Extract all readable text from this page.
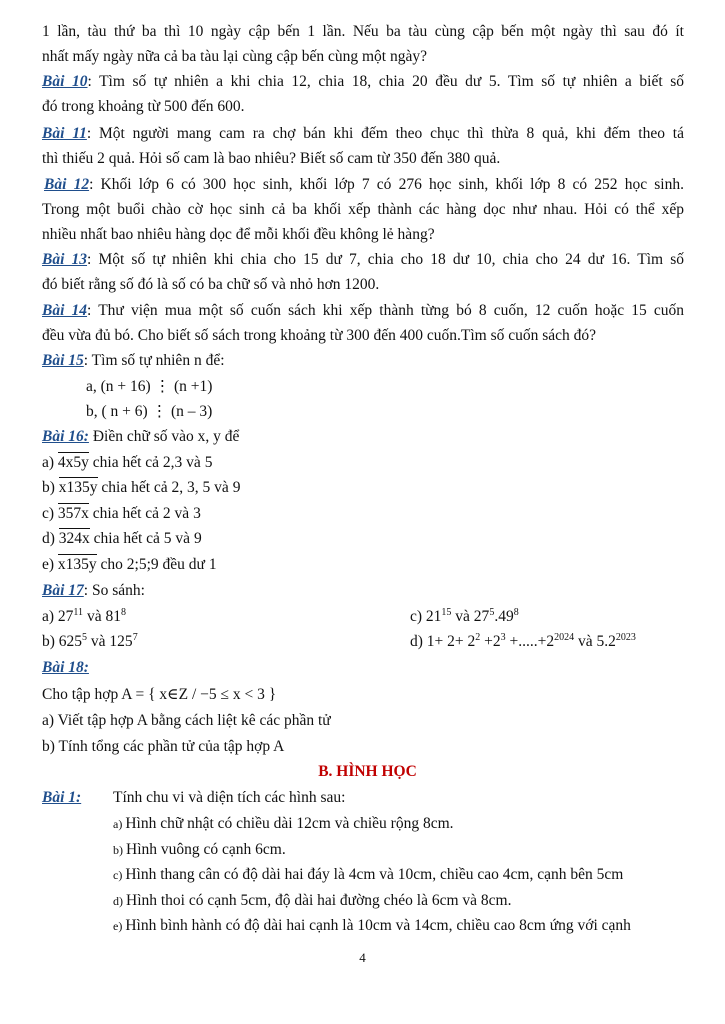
1 lần, tàu thứ ba thì 10 ngày cập bến 1 lần. Nếu ba tàu cùng cập bến một ngày thì sau đó ít
nhất mấy ngày nữa cả ba tàu lại cùng cập bến cùng một ngày?
Bài 10: Tìm số tự nhiên a khi chia 12, chia 18, chia 20 đều dư 5. Tìm số tự nhiên a biết số
đó trong khoảng từ 500 đến 600.
Bài 11: Một người mang cam ra chợ bán khi đếm theo chục thì thừa 8 quả, khi đếm theo tá
thì thiếu 2 quả. Hỏi số cam là bao nhiêu? Biết số cam từ 350 đến 380 quả.
Bài 12: Khối lớp 6 có 300 học sinh, khối lớp 7 có 276 học sinh, khối lớp 8 có 252 học sinh.
Trong một buổi chào cờ học sinh cả ba khối xếp thành các hàng dọc như nhau. Hỏi có thể xếp
nhiều nhất bao nhiêu hàng dọc để mỗi khối đều không lẻ hàng?
Bài 13: Một số tự nhiên khi chia cho 15 dư 7, chia cho 18 dư 10, chia cho 24 dư 16. Tìm số
đó biết rằng số đó là số có ba chữ số và nhỏ hơn 1200.
Bài 14: Thư viện mua một số cuốn sách khi xếp thành từng bó 8 cuốn, 12 cuốn hoặc 15 cuốn
đều vừa đủ bó. Cho biết số sách trong khoảng từ 300 đến 400 cuốn.Tìm số cuốn sách đó?
Bài 15: Tìm số tự nhiên n để:
a, (n + 16) ⋮ (n +1)
b, ( n + 6) ⋮ (n – 3)
Bài 16: Điền chữ số vào x, y để
a) 4x5y chia hết cả 2,3 và 5
b) x135y chia hết cả 2, 3, 5 và 9
c) 357x chia hết cả 2 và 3
d) 324x chia hết cả 5 và 9
e) x135y cho 2;5;9 đều dư 1
Bài 17: So sánh:
a) $27^{11}$ và $81^8$	c) $21^{15}$ và $27^5.49^8$
b) $625^5$ và $125^7$	d) $1+ 2+ 2^2 +2^3 +.....+2^{2024}$ và $5.2^{2023}$
Bài 18:
Cho tập hợp A = { x∈Z / −5 ≤ x < 3 }
a) Viết tập hợp A bằng cách liệt kê các phần tử
b) Tính tổng các phần tử của tập hợp A
B. HÌNH HỌC
Bài 1: Tính chu vi và diện tích các hình sau:
a) Hình chữ nhật có chiều dài 12cm và chiều rộng 8cm.
b) Hình vuông có cạnh 6cm.
c) Hình thang cân có độ dài hai đáy là 4cm và 10cm, chiều cao 4cm, cạnh bên 5cm
d) Hình thoi có cạnh 5cm, độ dài hai đường chéo là 6cm và 8cm.
e) Hình bình hành có độ dài hai cạnh là 10cm và 14cm, chiều cao 8cm ứng với cạnh
4
